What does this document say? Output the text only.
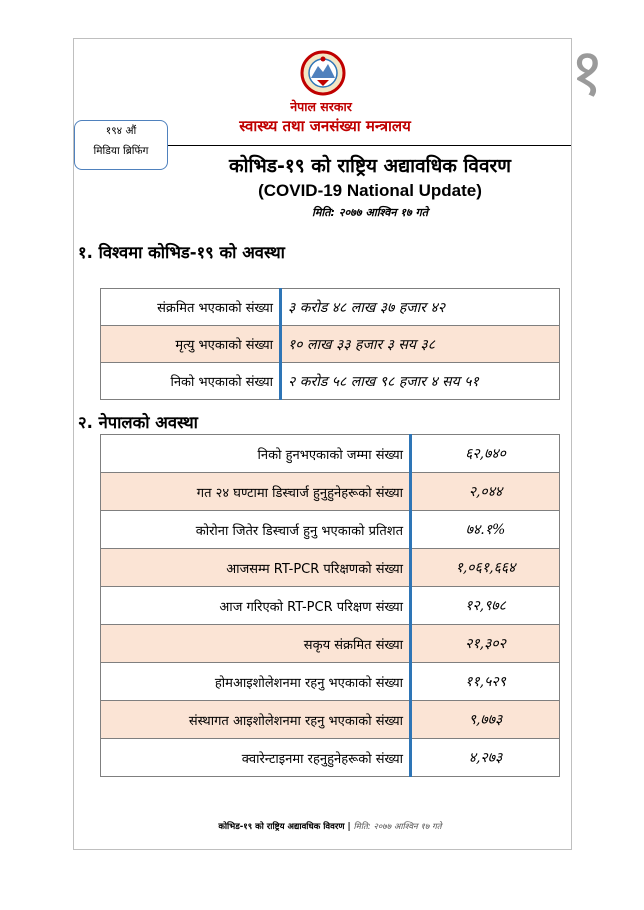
१
नेपाल सरकार
स्वास्थ्य तथा जनसंख्या मन्त्रालय
१९४ औं
मिडिया ब्रिफिंग
कोभिड-१९ को राष्ट्रिय अद्यावधिक विवरण
(COVID-19 National Update)
मिति: २०७७ आश्विन १७ गते
१. विश्वमा कोभिड-१९ को अवस्था
संक्रमित भएकाको संख्या	३ करोड ४८ लाख ३७ हजार ४२
मृत्यु भएकाको संख्या	१० लाख ३३ हजार ३ सय ३८
निको भएकाको संख्या	२ करोड ५८ लाख ९८ हजार ४ सय ५१
२. नेपालको अवस्था
निको हुनभएकाको जम्मा संख्या	६२,७४०
गत २४ घण्टामा डिस्चार्ज हुनुहुनेहरूको संख्या	२,०४४
कोरोना जितेर डिस्चार्ज हुनु भएकाको प्रतिशत	७४.१%
आजसम्म RT-PCR परिक्षणको संख्या	१,०६१,६६४
आज गरिएको RT-PCR परिक्षण संख्या	१२,९७८
सकृय संक्रमित संख्या	२१,३०२
होमआइशोलेशनमा रहनु भएकाको संख्या	११,५२९
संस्थागत आइशोलेशनमा रहनु भएकाको संख्या	९,७७३
क्वारेन्टाइनमा रहनुहुनेहरूको संख्या	४,२७३
कोभिड-१९ को राष्ट्रिय अद्यावधिक विवरण | मिति: २०७७ आश्विन १७ गते
